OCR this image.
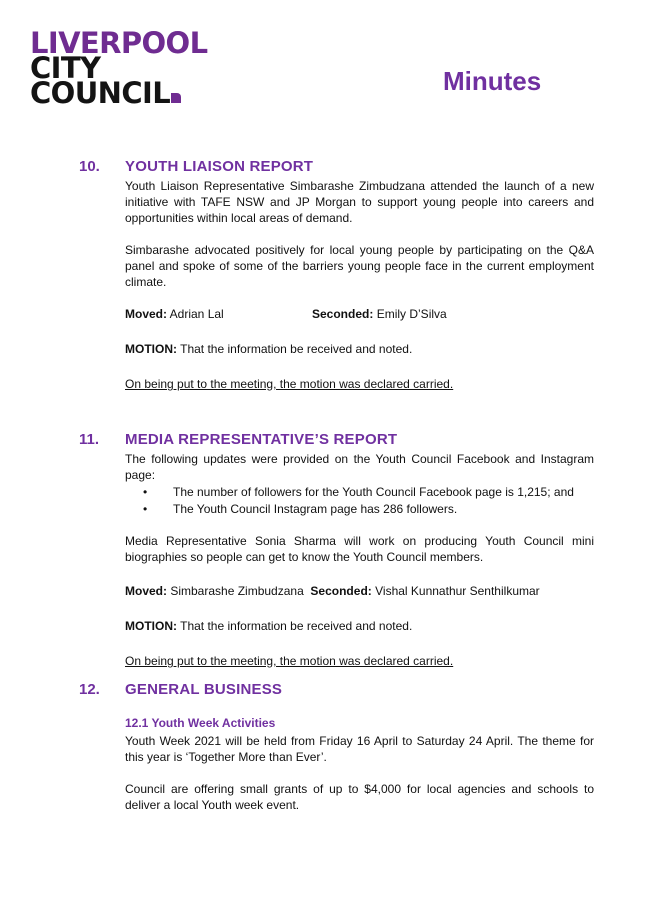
LIVERPOOL
CITY
COUNCIL	Minutes
10. YOUTH LIAISON REPORT
Youth Liaison Representative Simbarashe Zimbudzana attended the launch of a new initiative with TAFE NSW and JP Morgan to support young people into careers and opportunities within local areas of demand.
Simbarashe advocated positively for local young people by participating on the Q&A panel and spoke of some of the barriers young people face in the current employment climate.
Moved: Adrian Lal	Seconded: Emily D’Silva
MOTION: That the information be received and noted.
On being put to the meeting, the motion was declared carried.
11. MEDIA REPRESENTATIVE’S REPORT
The following updates were provided on the Youth Council Facebook and Instagram page:
• The number of followers for the Youth Council Facebook page is 1,215; and
• The Youth Council Instagram page has 286 followers.
Media Representative Sonia Sharma will work on producing Youth Council mini biographies so people can get to know the Youth Council members.
Moved: Simbarashe Zimbudzana Seconded: Vishal Kunnathur Senthilkumar
MOTION: That the information be received and noted.
On being put to the meeting, the motion was declared carried.
12. GENERAL BUSINESS
12.1 Youth Week Activities
Youth Week 2021 will be held from Friday 16 April to Saturday 24 April. The theme for this year is ‘Together More than Ever’.
Council are offering small grants of up to $4,000 for local agencies and schools to deliver a local Youth week event.
